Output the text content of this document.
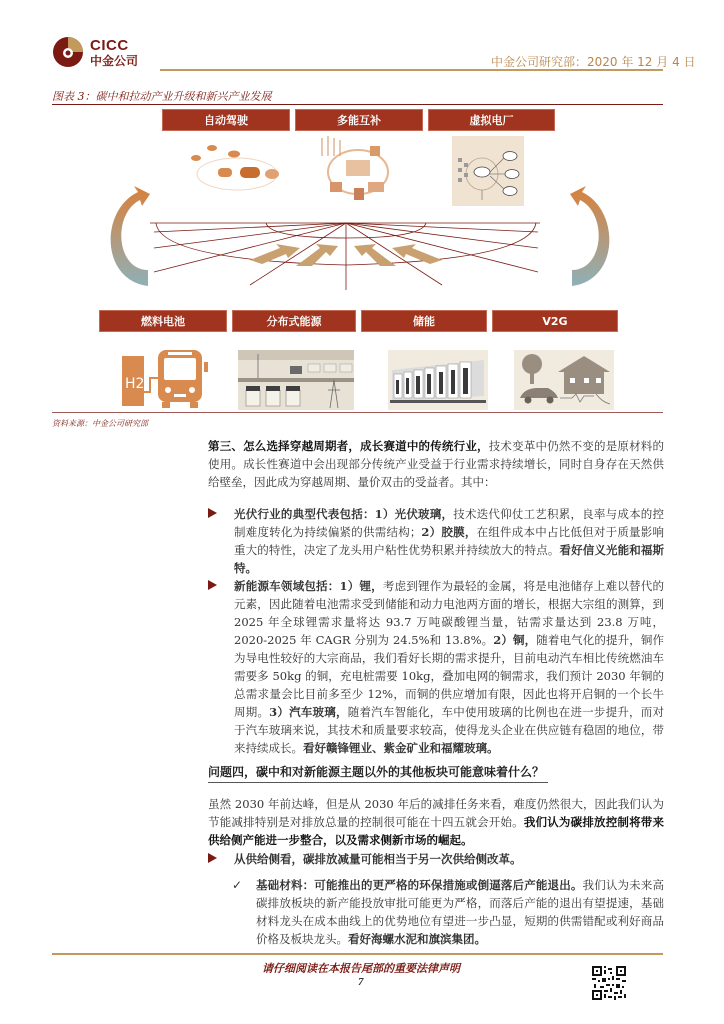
CICC
中金公司	中金公司研究部：2020 年 12 月 4 日
图表 3：碳中和拉动产业升级和新兴产业发展
自动驾驶	多能互补	虚拟电厂
燃料电池	分布式能源	储能	V2G
H2
资料来源：中金公司研究部
第三、怎么选择穿越周期者，成长赛道中的传统行业，技术变革中仍然不变的是原材料的使用。成长性赛道中会出现部分传统产业受益于行业需求持续增长，同时自身存在天然供给壁垒，因此成为穿越周期、量价双击的受益者。其中：
光伏行业的典型代表包括：1）光伏玻璃，技术迭代仰仗工艺积累，良率与成本的控制难度转化为持续偏紧的供需结构；2）胶膜，在组件成本中占比低但对于质量影响重大的特性，决定了龙头用户粘性优势积累并持续放大的特点。看好信义光能和福斯特。
新能源车领域包括：1）锂，考虑到锂作为最轻的金属，将是电池储存上难以替代的元素，因此随着电池需求受到储能和动力电池两方面的增长，根据大宗组的测算，到 2025 年全球锂需求量将达 93.7 万吨碳酸锂当量，钴需求量达到 23.8 万吨，2020-2025 年 CAGR 分别为 24.5%和 13.8%。2）铜，随着电气化的提升，铜作为导电性较好的大宗商品，我们看好长期的需求提升，目前电动汽车相比传统燃油车需要多 50kg 的铜，充电桩需要 10kg，叠加电网的铜需求，我们预计 2030 年铜的总需求量会比目前多至少 12%，而铜的供应增加有限，因此也将开启铜的一个长牛周期。3）汽车玻璃，随着汽车智能化，车中使用玻璃的比例也在进一步提升，而对于汽车玻璃来说，其技术和质量要求较高，使得龙头企业在供应链有稳固的地位，带来持续成长。看好赣锋锂业、紫金矿业和福耀玻璃。
问题四，碳中和对新能源主题以外的其他板块可能意味着什么？
虽然 2030 年前达峰，但是从 2030 年后的减排任务来看，难度仍然很大，因此我们认为节能减排特别是对排放总量的控制很可能在十四五就会开始。我们认为碳排放控制将带来供给侧产能进一步整合，以及需求侧新市场的崛起。
从供给侧看，碳排放减量可能相当于另一次供给侧改革。
✓ 基础材料：可能推出的更严格的环保措施或倒逼落后产能退出。我们认为未来高碳排放板块的新产能投放审批可能更为严格，而落后产能的退出有望提速，基础材料龙头在成本曲线上的优势地位有望进一步凸显，短期的供需错配或利好商品价格及板块龙头。看好海螺水泥和旗滨集团。
请仔细阅读在本报告尾部的重要法律声明
7
